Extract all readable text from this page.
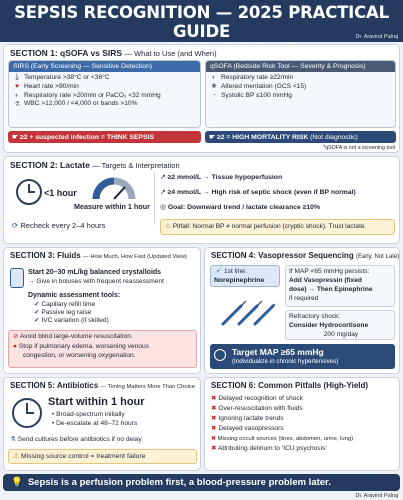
SEPSIS RECOGNITION — 2025 PRACTICAL GUIDE	Dr. Aravind Palraj
SECTION 1: qSOFA vs SIRS — What to Use (and When)
SIRS (Early Screening — Sensitive Detection)
🌡 Temperature >38°C or <36°C
♥ Heart rate >90/min
◐ Respiratory rate >20/min or PaCO₂ <32 mmHg
⚗ WBC >12,000 / <4,000 or bands >10%
☛ ≥2 + suspected infection = THINK SEPSIS
qSOFA (Bedside Risk Tool — Severity & Prognosis)
◐ Respiratory rate ≥22/min
✺ Altered mentation (GCS <15)
◔ Systolic BP ≤100 mmHg
☛ ≥2 = HIGH MORTALITY RISK (Not diagnostic)
*qSOFA is not a screening tool
SECTION 2: Lactate — Targets & Interpretation
<1 hour
Measure within 1 hour
⟳ Recheck every 2–4 hours
↗ ≥2 mmol/L → Tissue hypoperfusion
↗ ≥4 mmol/L → High risk of septic shock (even if BP normal)
◎ Goal: Downward trend / lactate clearance ≥10%
⚠ Pitfall: Normal BP ≠ normal perfusion (cryptic shock). Trust lactate.
SECTION 3: Fluids — How Much, How Fast (Updated View)
Start 20–30 mL/kg balanced crystalloids
→ Give in boluses with frequent reassessment
Dynamic assessment tools:
✔ Capillary refill time
✔ Passive leg raise
✔ IVC variation (if skilled)
⊘ Avoid blind large-volume resuscitation.
● Stop if pulmonary edema, worsening venous
congestion, or worsening oxygenation.
SECTION 4: Vasopressor Sequencing (Early, Not Late)
💉 1st line:
Norepinephrine
If MAP <65 mmHg persists:
Add Vasopressin (fixed
dose) → Then Epinephrine
if required
Refractory shock:
Consider Hydrocortisone
200 mg/day
Target MAP ≥65 mmHg
(Individualize in chronic hypertensives)
SECTION 5: Antibiotics — Timing Matters More Than Choice
Start within 1 hour
• Broad-spectrum initially
• De-escalate at 48–72 hours
⚗ Send cultures before antibiotics if no delay
⚠ Missing source control = treatment failure
SECTION 6: Common Pitfalls (High-Yield)
✖ Delayed recognition of shock
✖ Over-resuscitation with fluids
✖ Ignoring lactate trends
✖ Delayed vasopressors
✖ Missing occult sources (lines, abdomen, urine, lung)
✖ Attributing delirium to ‘ICU psychosis’
💡 Sepsis is a perfusion problem first, a blood-pressure problem later.
Dr. Aravind Palraj
